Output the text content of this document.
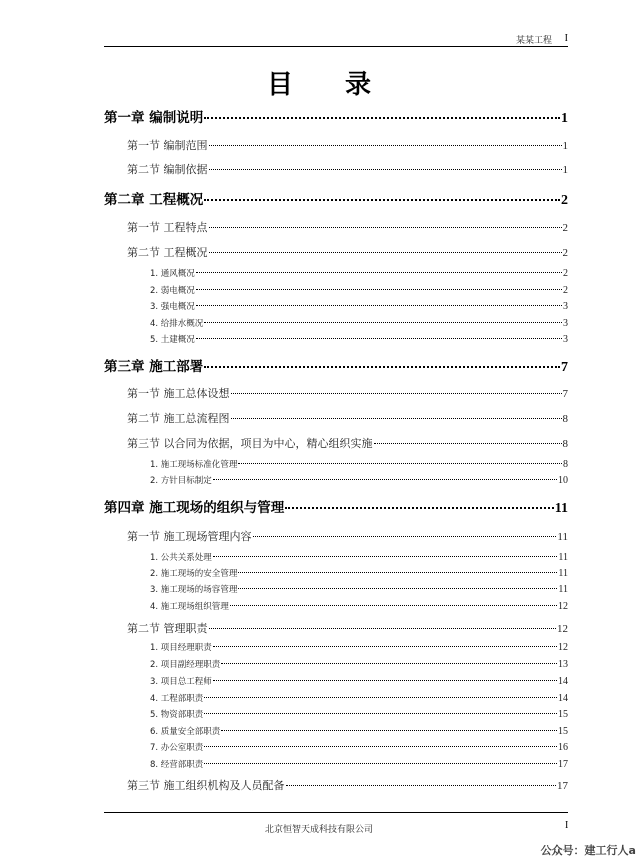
某某工程 I
目录
第一章 编制说明	1
第一节 编制范围	1
第二节 编制依据	1
第二章 工程概况	2
第一节 工程特点	2
第二节 工程概况	2
1. 通风概况	2
2. 弱电概况	2
3. 强电概况	3
4. 给排水概况	3
5. 土建概况	3
第三章 施工部署	7
第一节 施工总体设想	7
第二节 施工总流程图	8
第三节 以合同为依据，项目为中心，精心组织实施	8
1. 施工现场标准化管理	8
2. 方针目标制定	10
第四章 施工现场的组织与管理	11
第一节 施工现场管理内容	11
1. 公共关系处理	11
2. 施工现场的安全管理	11
3. 施工现场的场容管理	11
4. 施工现场组织管理	12
第二节 管理职责	12
1. 项目经理职责	12
2. 项目副经理职责	13
3. 项目总工程师	14
4. 工程部职责	14
5. 物资部职责	15
6. 质量安全部职责	15
7. 办公室职责	16
8. 经营部职责	17
第三节 施工组织机构及人员配备	17
北京恒智天成科技有限公司	I
公众号：建工行人a
